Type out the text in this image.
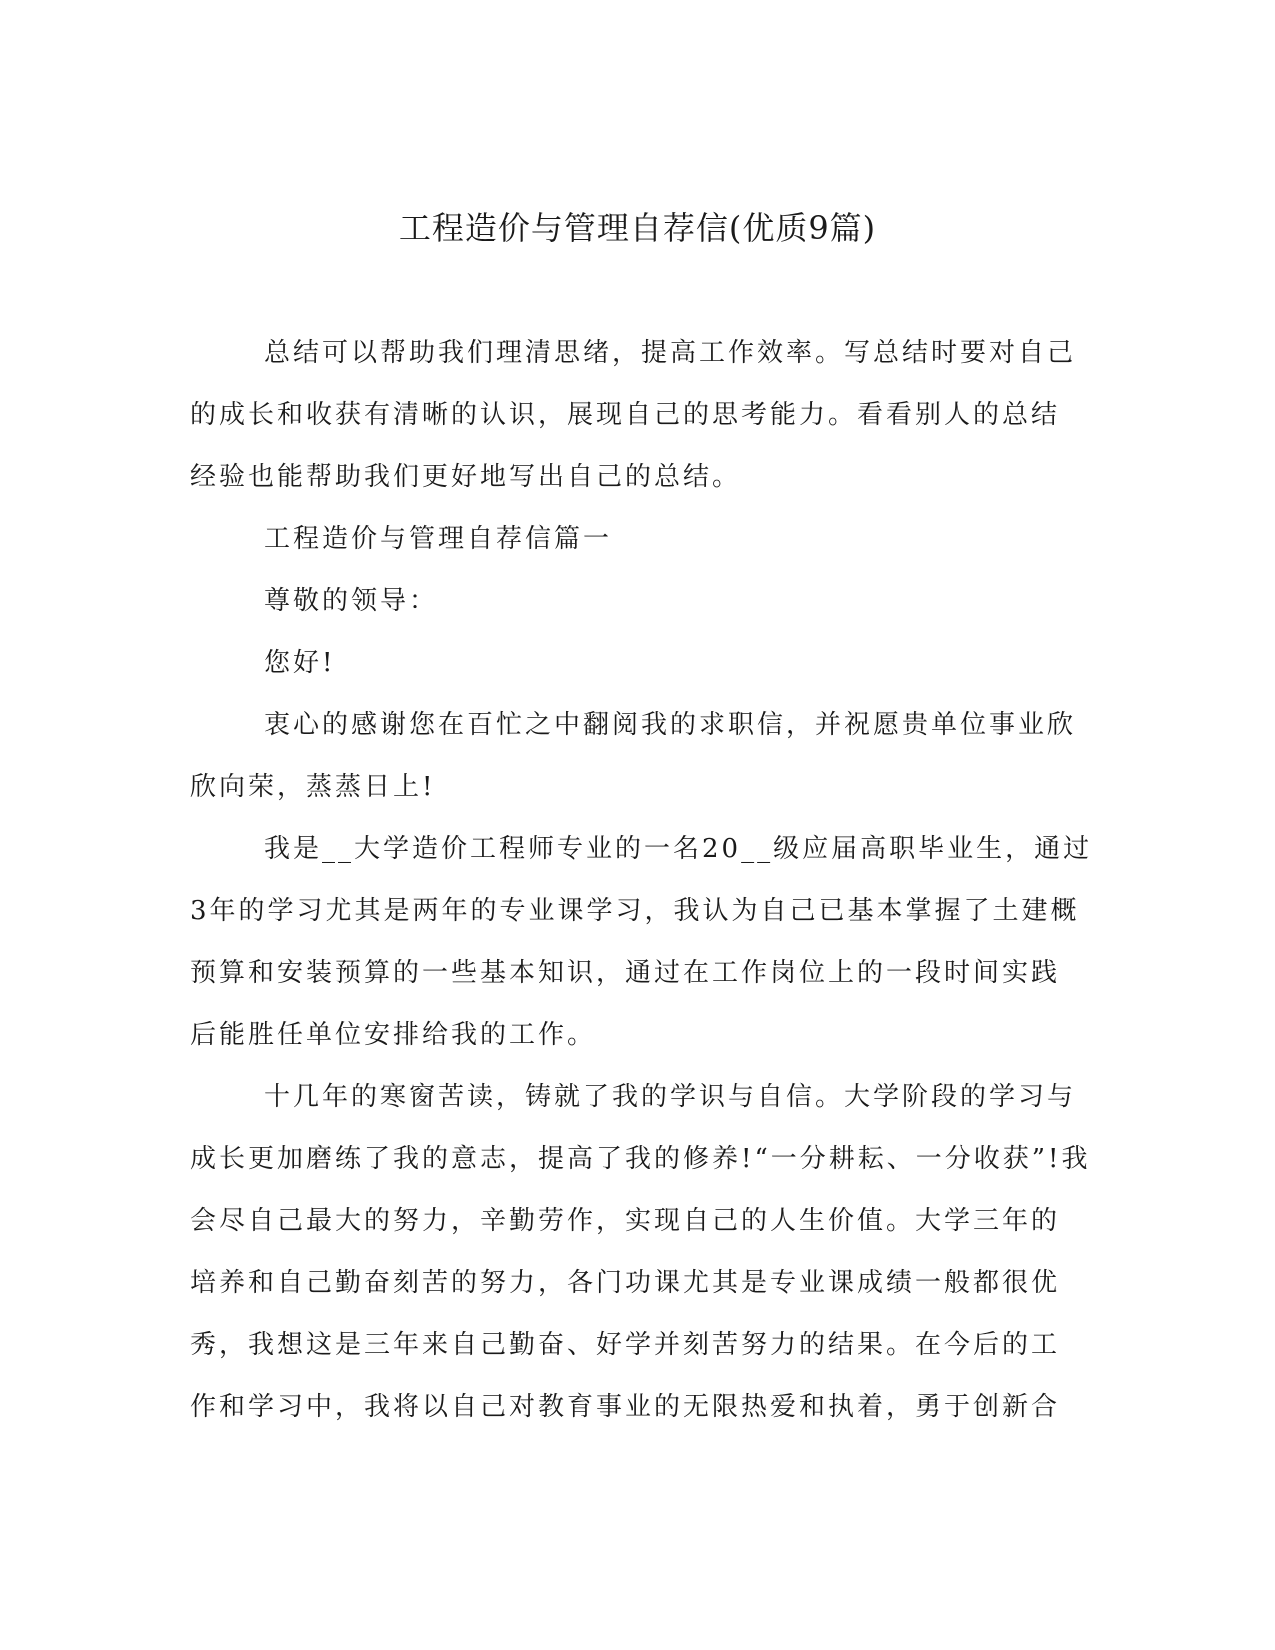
工程造价与管理自荐信(优质9篇)
总结可以帮助我们理清思绪，提高工作效率。写总结时要对自己
的成长和收获有清晰的认识，展现自己的思考能力。看看别人的总结
经验也能帮助我们更好地写出自己的总结。
工程造价与管理自荐信篇一
尊敬的领导：
您好!
衷心的感谢您在百忙之中翻阅我的求职信，并祝愿贵单位事业欣
欣向荣，蒸蒸日上!
我是__大学造价工程师专业的一名20__级应届高职毕业生，通过
3年的学习尤其是两年的专业课学习，我认为自己已基本掌握了土建概
预算和安装预算的一些基本知识，通过在工作岗位上的一段时间实践
后能胜任单位安排给我的工作。
十几年的寒窗苦读，铸就了我的学识与自信。大学阶段的学习与
成长更加磨练了我的意志，提高了我的修养!“一分耕耘、一分收获”!我
会尽自己最大的努力，辛勤劳作，实现自己的人生价值。大学三年的
培养和自己勤奋刻苦的努力，各门功课尤其是专业课成绩一般都很优
秀，我想这是三年来自己勤奋、好学并刻苦努力的结果。在今后的工
作和学习中，我将以自己对教育事业的无限热爱和执着，勇于创新合
